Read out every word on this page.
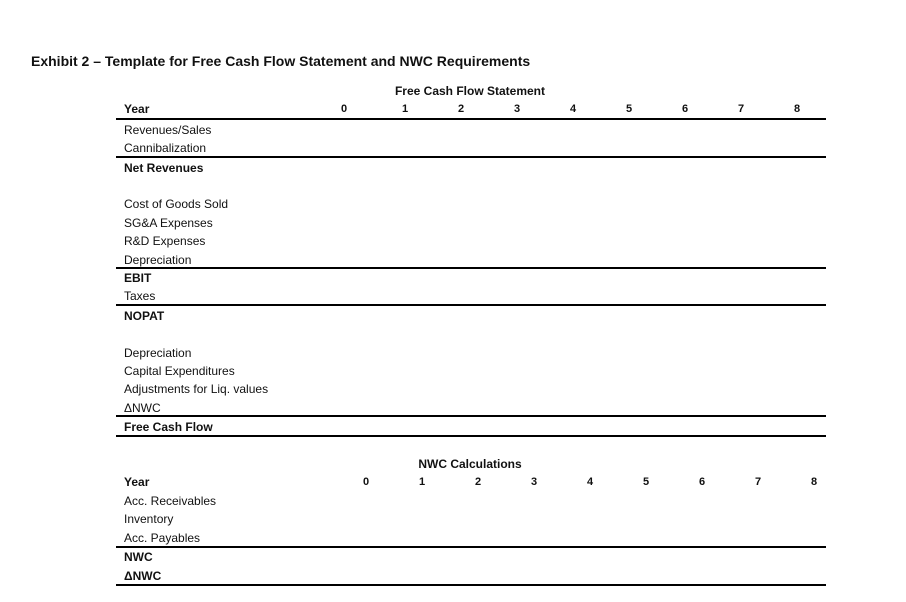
Exhibit 2 – Template for Free Cash Flow Statement and NWC Requirements
Free Cash Flow Statement
Year	0	1	2	3	4	5	6	7	8
Revenues/Sales
Cannibalization
Net Revenues
Cost of Goods Sold
SG&A Expenses
R&D Expenses
Depreciation
EBIT
Taxes
NOPAT
Depreciation
Capital Expenditures
Adjustments for Liq. values
ΔNWC
Free Cash Flow
NWC Calculations
Year	0	1	2	3	4	5	6	7	8
Acc. Receivables
Inventory
Acc. Payables
NWC
ΔNWC
